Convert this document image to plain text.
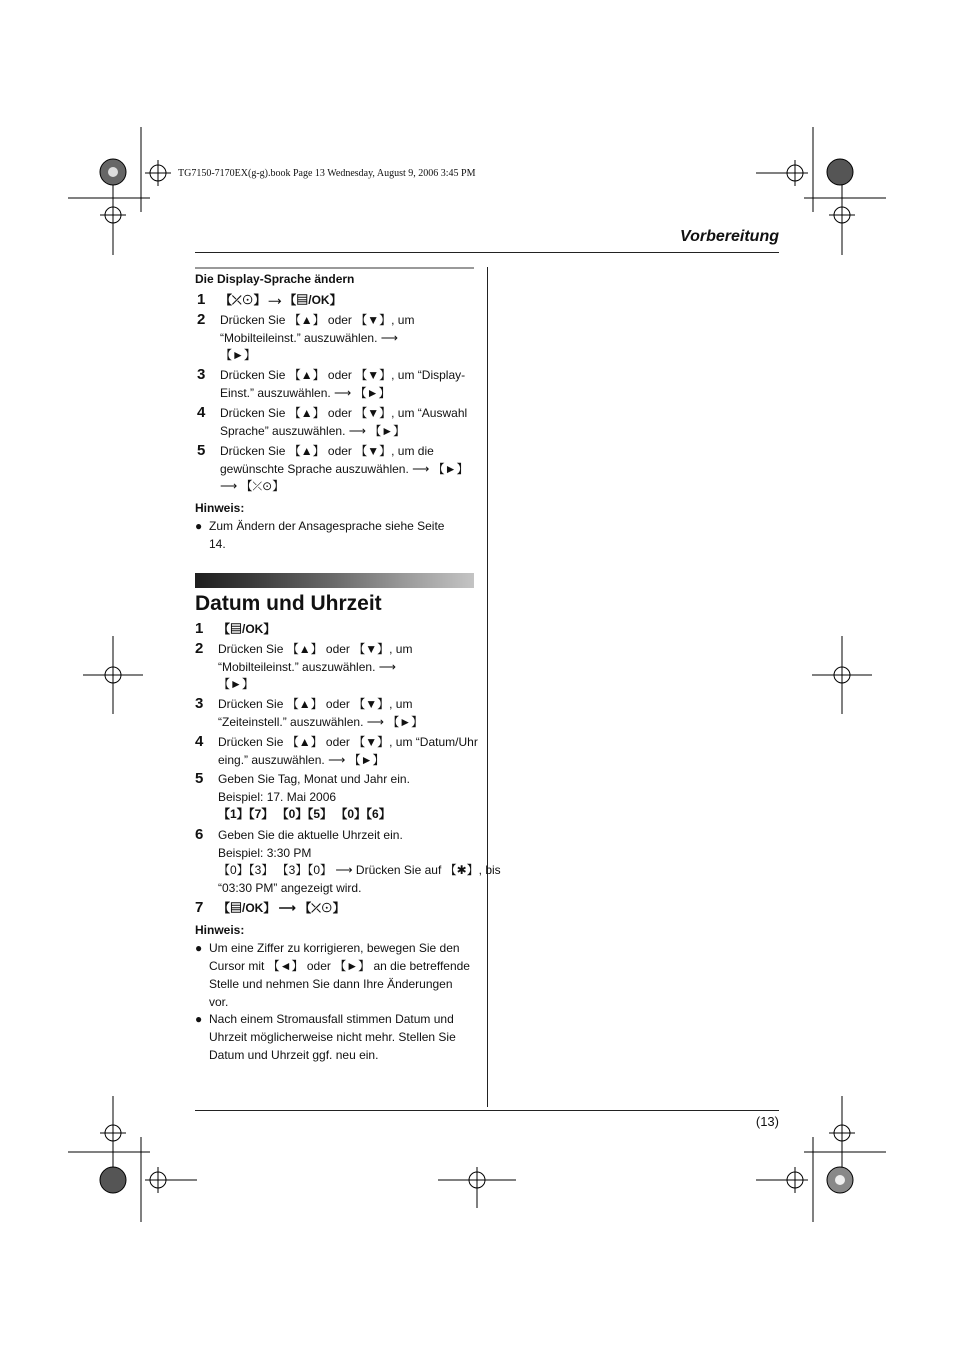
TG7150-7170EX(g-g).book Page 13 Wednesday, August 9, 2006 3:45 PM
Vorbereitung
Die Display-Sprache ändern
1 【⤫⊙】 ⟶ 【▤/OK】
2 Drücken Sie 【▲】 oder 【▼】, um
“Mobilteileinst.” auszuwählen. ⟶
【►】
3 Drücken Sie 【▲】 oder 【▼】, um “Display-
Einst.” auszuwählen. ⟶ 【►】
4 Drücken Sie 【▲】 oder 【▼】, um “Auswahl
Sprache” auszuwählen. ⟶ 【►】
5 Drücken Sie 【▲】 oder 【▼】, um die
gewünschte Sprache auszuwählen. ⟶ 【►】
⟶ 【⤫⊙】
Hinweis:
● Zum Ändern der Ansagesprache siehe Seite
14.
Datum und Uhrzeit
1 【▤/OK】
2 Drücken Sie 【▲】 oder 【▼】, um
“Mobilteileinst.” auszuwählen. ⟶
【►】
3 Drücken Sie 【▲】 oder 【▼】, um
“Zeiteinstell.” auszuwählen. ⟶ 【►】
4 Drücken Sie 【▲】 oder 【▼】, um “Datum/Uhr
eing.” auszuwählen. ⟶ 【►】
5 Geben Sie Tag, Monat und Jahr ein.
Beispiel: 17. Mai 2006
【1】【7】 【0】【5】 【0】【6】
6 Geben Sie die aktuelle Uhrzeit ein.
Beispiel: 3:30 PM
【0】【3】 【3】【0】 ⟶ Drücken Sie auf 【✱】, bis
“03:30 PM” angezeigt wird.
7 【▤/OK】 ⟶ 【⤫⊙】
Hinweis:
● Um eine Ziffer zu korrigieren, bewegen Sie den
Cursor mit 【◄】 oder 【►】 an die betreffende
Stelle und nehmen Sie dann Ihre Änderungen
vor.
● Nach einem Stromausfall stimmen Datum und
Uhrzeit möglicherweise nicht mehr. Stellen Sie
Datum und Uhrzeit ggf. neu ein.
(13)
